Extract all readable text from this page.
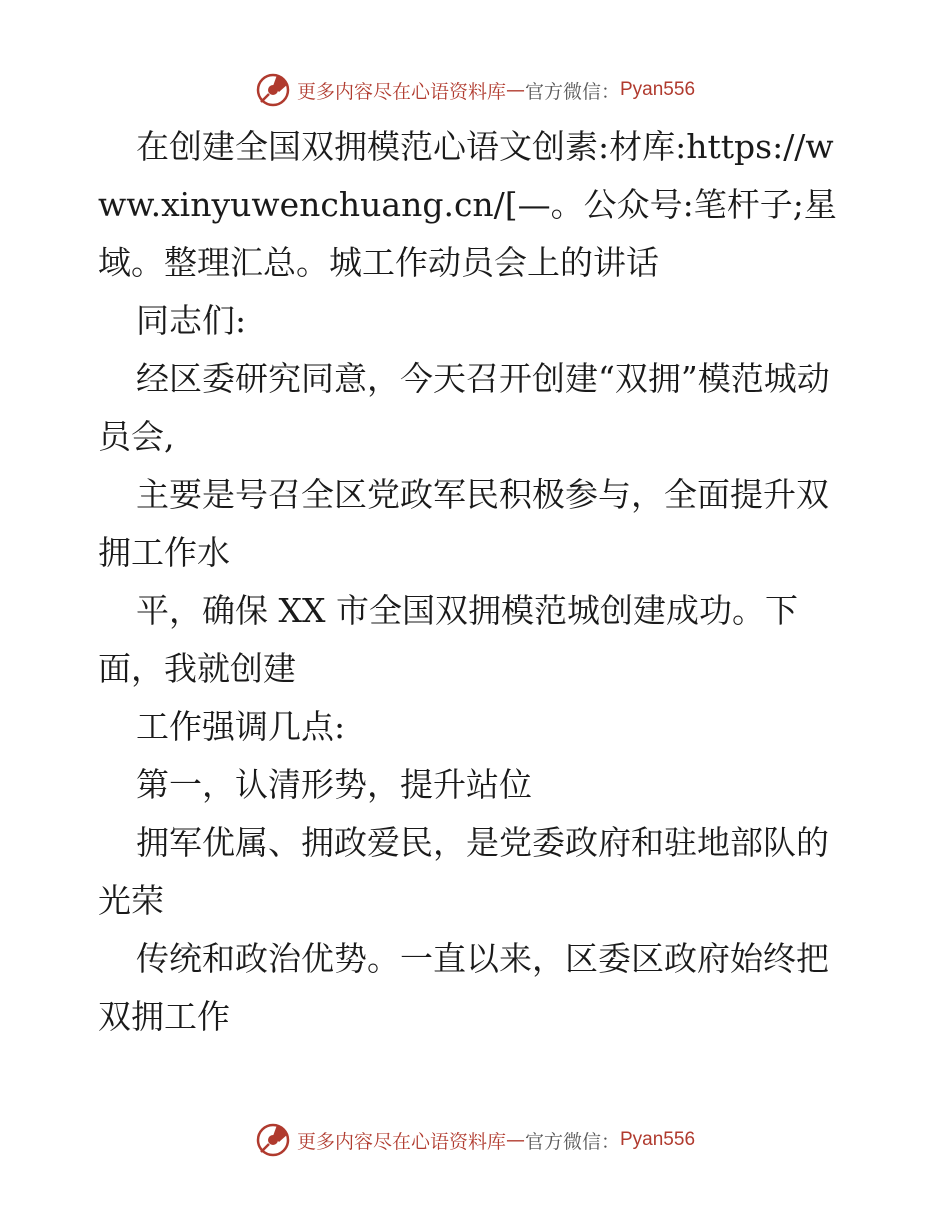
更多内容尽在心语资料库 — 官方微信： Pyan556

在创建全国双拥模范心语文创素:材库:https://www.xinyuwenchuang.cn/[—。公众号:笔杆子;星域。整理汇总。城工作动员会上的讲话

同志们:

经区委研究同意，今天召开创建“双拥”模范城动员会,

主要是号召全区党政军民积极参与，全面提升双拥工作水

平，确保 XX 市全国双拥模范城创建成功。下面，我就创建

工作强调几点:

第一，认清形势，提升站位

拥军优属、拥政爱民，是党委政府和驻地部队的光荣

传统和政治优势。一直以来，区委区政府始终把双拥工作

更多内容尽在心语资料库 — 官方微信： Pyan556
